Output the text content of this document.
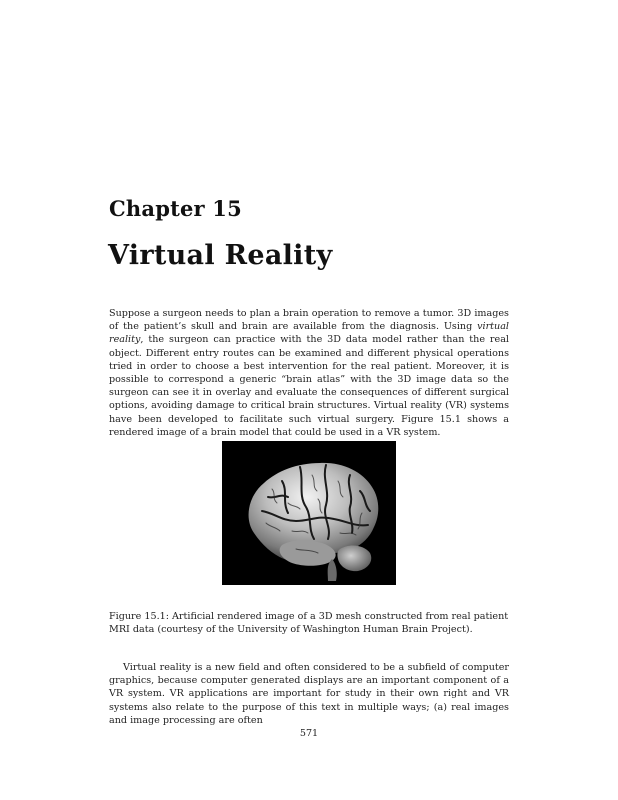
Chapter 15
Virtual Reality
Suppose a surgeon needs to plan a brain operation to remove a tumor. 3D images of the patient’s skull and brain are available from the diagnosis. Using virtual reality, the surgeon can practice with the 3D data model rather than the real object. Different entry routes can be examined and different physical operations tried in order to choose a best intervention for the real patient. Moreover, it is possible to correspond a generic “brain atlas” with the 3D image data so the surgeon can see it in overlay and evaluate the consequences of different surgical options, avoiding damage to critical brain structures. Virtual reality (VR) systems have been developed to facilitate such virtual surgery. Figure 15.1 shows a rendered image of a brain model that could be used in a VR system.
Figure 15.1: Artificial rendered image of a 3D mesh constructed from real patient MRI data (courtesy of the University of Washington Human Brain Project).
Virtual reality is a new field and often considered to be a subfield of computer graphics, because computer generated displays are an important component of a VR system. VR applications are important for study in their own right and VR systems also relate to the purpose of this text in multiple ways; (a) real images and image processing are often
571
